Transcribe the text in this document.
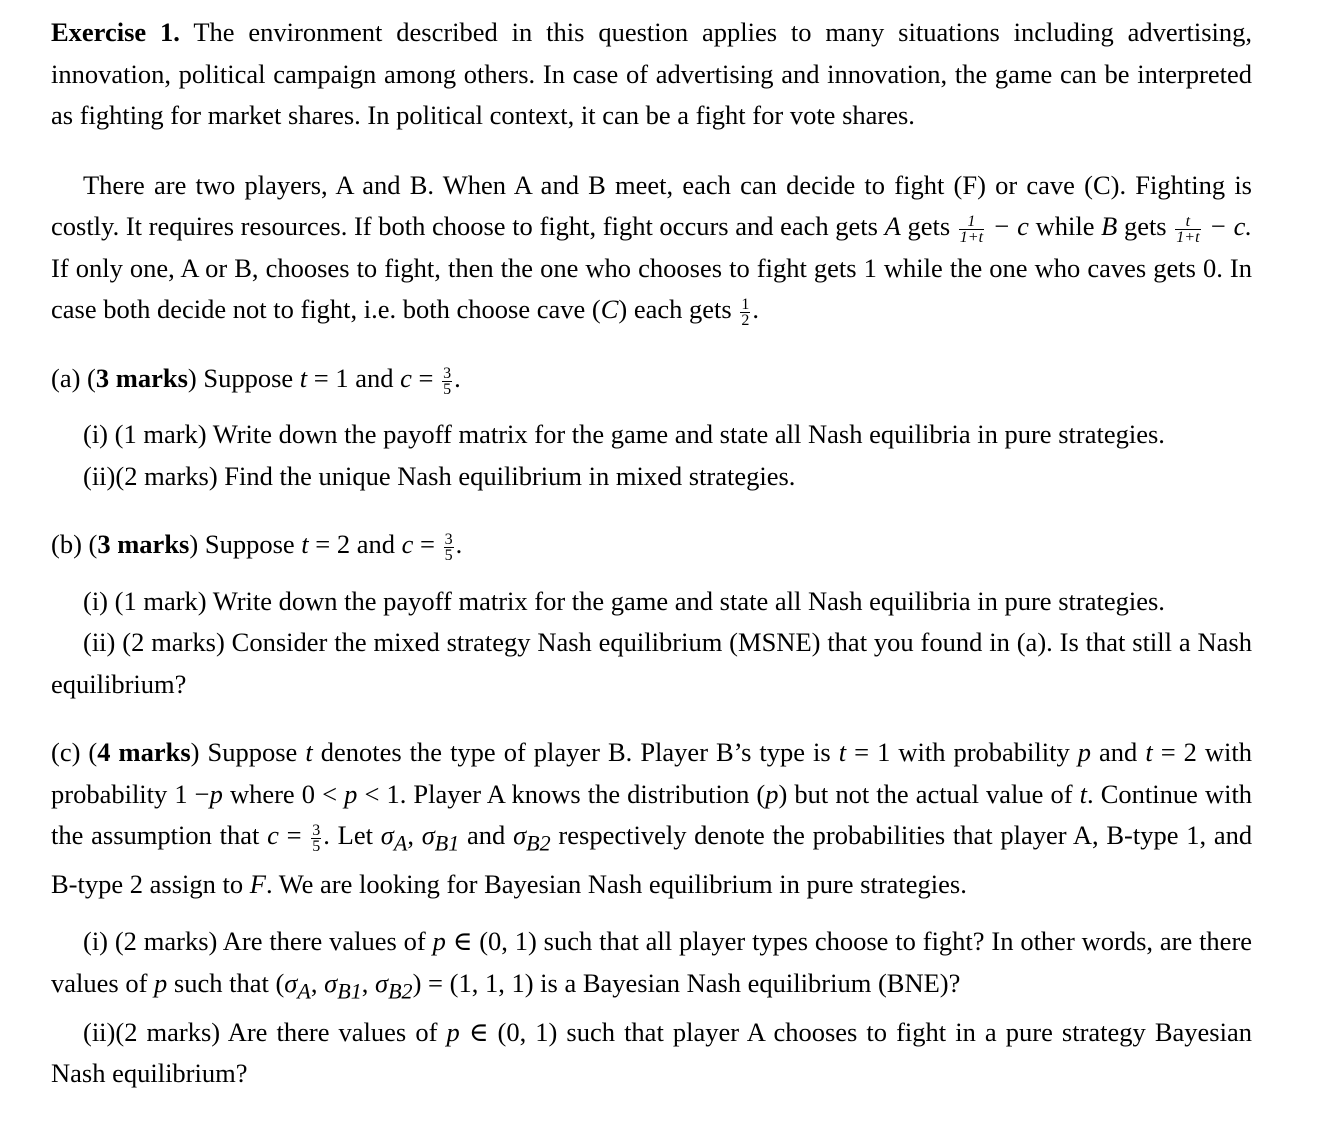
Exercise 1. The environment described in this question applies to many situations including advertising, innovation, political campaign among others. In case of advertising and innovation, the game can be interpreted as fighting for market shares. In political context, it can be a fight for vote shares.

There are two players, A and B. When A and B meet, each can decide to fight (F) or cave (C). Fighting is costly. It requires resources. If both choose to fight, fight occurs and each gets A gets $\frac{1}{1+t} - c$ while B gets $\frac{t}{1+t} - c$. If only one, A or B, chooses to fight, then the one who chooses to fight gets 1 while the one who caves gets 0. In case both decide not to fight, i.e. both choose cave (C) each gets $\frac{1}{2}$ .

(a) (3 marks) Suppose t = 1 and $c = \frac{3}{5}$ .

(i) (1 mark) Write down the payoff matrix for the game and state all Nash equilibria in pure strategies.

(ii)(2 marks) Find the unique Nash equilibrium in mixed strategies.

(b) (3 marks) Suppose t = 2 and $c = \frac{3}{5}$ .

(i) (1 mark) Write down the payoff matrix for the game and state all Nash equilibria in pure strategies.

(ii) (2 marks) Consider the mixed strategy Nash equilibrium (MSNE) that you found in (a). Is that still a Nash equilibrium?

(c) (4 marks) Suppose t denotes the type of player B. Player B’s type is t = 1 with probability p and t = 2 with probability 1 −p where 0 < p < 1. Player A knows the distribution (p) but not the actual value of t. Continue with the assumption that $c = \frac{3}{5}$ . Let $\sigma_A$, $\sigma_{B1}$ and $\sigma_{B2}$ respectively denote the probabilities that player A, B-type 1, and B-type 2 assign to F. We are looking for Bayesian Nash equilibrium in pure strategies.

(i) (2 marks) Are there values of p ∈ (0, 1) such that all player types choose to fight? In other words, are there values of p such that ($\sigma_A$, $\sigma_{B1}$, $\sigma_{B2}) = (1$, 1, 1) is a Bayesian Nash equilibrium (BNE)?

(ii)(2 marks) Are there values of p ∈ (0, 1) such that player A chooses to fight in a pure strategy Bayesian Nash equilibrium?
